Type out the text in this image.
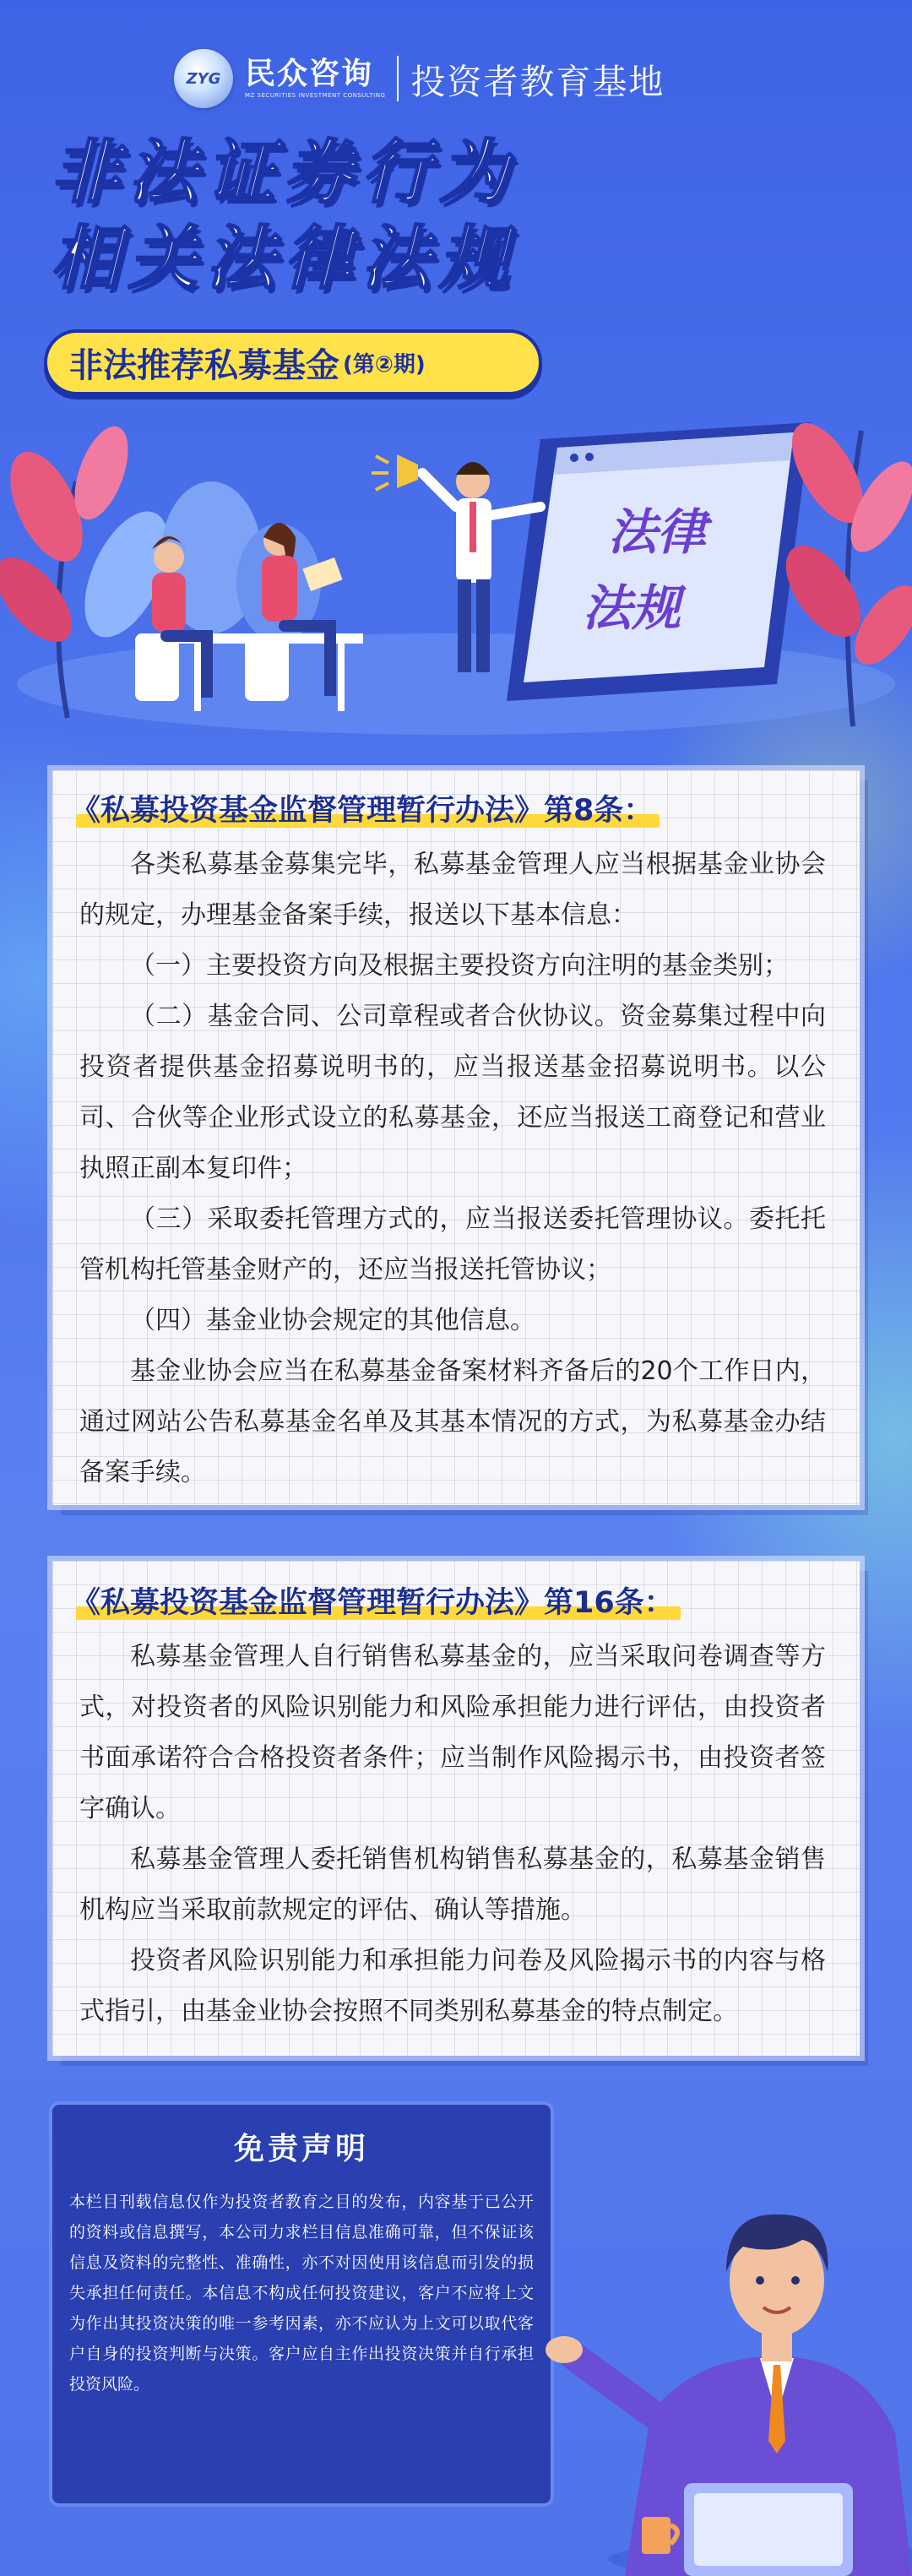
ZYG 民众咨询
MZ SECURITIES INVESTMENT CONSULTING 投资者教育基地
非法证券行为
相关法律法规
非法推荐私募基金 (第②期)
法律
法规
《私募投资基金监督管理暂行办法》第8条：

各类私募基金募集完毕，私募基金管理人应当根据基金业协会的规定，办理基金备案手续，报送以下基本信息：

（一）主要投资方向及根据主要投资方向注明的基金类别；

（二）基金合同、公司章程或者合伙协议。资金募集过程中向投资者提供基金招募说明书的，应当报送基金招募说明书。以公司、合伙等企业形式设立的私募基金，还应当报送工商登记和营业执照正副本复印件；

（三）采取委托管理方式的，应当报送委托管理协议。委托托管机构托管基金财产的，还应当报送托管协议；

（四）基金业协会规定的其他信息。

基金业协会应当在私募基金备案材料齐备后的20个工作日内，通过网站公告私募基金名单及其基本情况的方式，为私募基金办结备案手续。

《私募投资基金监督管理暂行办法》第16条：

私募基金管理人自行销售私募基金的，应当采取问卷调查等方式，对投资者的风险识别能力和风险承担能力进行评估，由投资者书面承诺符合合格投资者条件；应当制作风险揭示书，由投资者签字确认。

私募基金管理人委托销售机构销售私募基金的，私募基金销售机构应当采取前款规定的评估、确认等措施。

投资者风险识别能力和承担能力问卷及风险揭示书的内容与格式指引，由基金业协会按照不同类别私募基金的特点制定。

免责声明
本栏目刊载信息仅作为投资者教育之目的发布，内容基于已公开的资料或信息撰写，本公司力求栏目信息准确可靠，但不保证该信息及资料的完整性、准确性，亦不对因使用该信息而引发的损失承担任何责任。本信息不构成任何投资建议，客户不应将上文为作出其投资决策的唯一参考因素，亦不应认为上文可以取代客户自身的投资判断与决策。客户应自主作出投资决策并自行承担投资风险。
